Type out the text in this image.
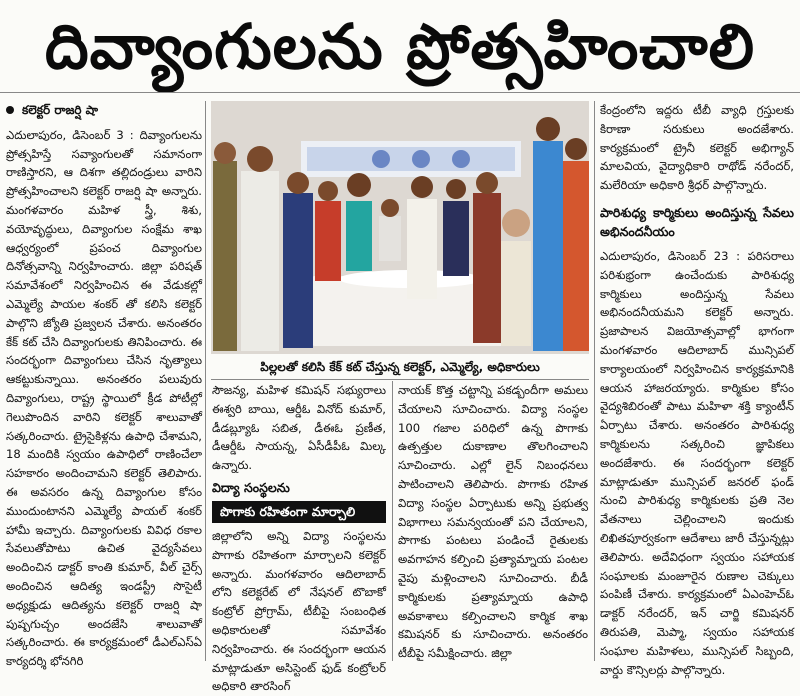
దివ్యాంగులను ప్రోత్సహించాలి
కలెక్టర్ రాజర్షి షా

ఎదులాపురం, డిసెంబర్ 3 : దివ్యాంగులను ప్రోత్సహిస్తే సవ్యాంగులతో సమానంగా రాణిస్తారని, ఆ దిశగా తల్లిదండ్రులు వారిని ప్రోత్సహించాలని కలెక్టర్ రాజర్షి షా అన్నారు. మంగళవారం మహిళ స్త్రీ, శిశు, వయోవృద్ధులు, దివ్యాంగుల సంక్షేమ శాఖ ఆధ్వర్యంలో ప్రపంచ దివ్యాంగుల దినోత్సవాన్ని నిర్వహించారు. జిల్లా పరిషత్ సమావేశంలో నిర్వహించిన ఈ వేడుకల్లో ఎమ్మెల్యే పాయల శంకర్ తో కలిసి కలెక్టర్ పాల్గొని జ్యోతి ప్రజ్వలన చేశారు. అనంతరం కేక్ కట్ చేసి దివ్యాంగులకు తినిపించారు. ఈ సందర్భంగా దివ్యాంగులు చేసిన నృత్యాలు ఆకట్టుకున్నాయి. అనంతరం పలువురు దివ్యాంగులు, రాష్ట్ర స్థాయిలో క్రీడ పోటీల్లో గెలుపొందిన వారిని కలెక్టర్ శాలువాతో సత్కరించారు. ట్రైసైకిళ్లను ఉపాధి చేశామని, 18 మందికి స్వయం ఉపాధిలో రాణించేలా సహకారం అందించామని కలెక్టర్ తెలిపారు. ఈ అవసరం ఉన్న దివ్యాంగుల కోసం ముందుంటానని ఎమ్మెల్యే పాయల్ శంకర్ హామీ ఇచ్చారు. దివ్యాంగులకు వివిధ రకాల సేవలుతోపాటు ఉచిత వైద్యసేవలు అందించిన డాక్టర్ కాంతి కుమార్, వీల్ చైర్స్ అందించిన ఆదిత్య ఇండస్ట్రీ సొసైటీ అధ్యక్షుడు ఆదిత్యను కలెక్టర్ రాజర్షి షా పుష్పగుచ్చం అందజేసి శాలువాతో సత్కరించారు. ఈ కార్యక్రమంలో డీఎల్ఎస్ఏ కార్యదర్శి భోనగిరి

పిల్లలతో కలిసి కేక్ కట్ చేస్తున్న కలెక్టర్, ఎమ్మెల్యే, అధికారులు

సౌజన్య, మహిళ కమిషన్ సభ్యురాలు ఈశ్వరి బాయి, ఆర్డీఓ వినోద్ కుమార్, డీడబ్ల్యూఓ సబిత, డీఈఓ ప్రణీత, డీఆర్డీఓ సాయన్న, ఏసీడీపీఓ మిల్క ఉన్నారు.

విద్యా సంస్థలను
పొగాకు రహితంగా మార్చాలి

జిల్లాలోని అన్ని విద్యా సంస్థలను పొగాకు రహితంగా మార్చాలని కలెక్టర్ అన్నారు. మంగళవారం ఆదిలాబాద్ లోని కలెక్టరేట్ లో నేషనల్ టొబాకో కంట్రోల్ ప్రోగ్రామ్, టీబీపై సంబంధిత అధికారులతో సమావేశం నిర్వహించారు. ఈ సందర్భంగా ఆయన మాట్లాడుతూ అసిస్టెంట్ ఫుడ్ కంట్రోలర్ అధికారి తారసింగ్

నాయక్ కొత్త చట్టాన్ని పకడ్బందీగా అమలు చేయాలని సూచించారు. విద్యా సంస్థల 100 గజాల పరిధిలో ఉన్న పొగాకు ఉత్పత్తుల దుకాణాల తొలగించాలని సూచించారు. ఎల్లో లైన్ నిబంధనలు పాటించాలని తెలిపారు. పొగాకు రహిత విద్యా సంస్థల ఏర్పాటుకు అన్ని ప్రభుత్వ విభాగాలు సమన్వయంతో పని చేయాలని, పొగాకు పంటలు పండించే రైతులకు అవగాహన కల్పించి ప్రత్యామ్నాయ పంటల వైపు మళ్లించాలని సూచించారు. బీడీ కార్మికులకు ప్రత్యామ్నాయ ఉపాధి అవకాశాలు కల్పించాలని కార్మిక శాఖ కమిషనర్ కు సూచించారు. అనంతరం టీబీపై సమీక్షించారు. జిల్లా

కేంద్రంలోని ఇద్దరు టీబీ వ్యాధి గ్రస్తులకు కిరాణా సరుకులు అందజేశారు. కార్యక్రమంలో ట్రైనీ కలెక్టర్ అభిగ్యాన్ మాలవియ, వైద్యాధికారి రాథోడ్ నరేందర్, మలేరియా అధికారి శ్రీధర్ పాల్గొన్నారు.

పారిశుధ్య కార్మికులు అందిస్తున్న సేవలు అభినందనీయం

ఎదులాపురం, డిసెంబర్ 23 : పరిసరాలు పరిశుభ్రంగా ఉంచేందుకు పారిశుధ్య కార్మికులు అందిస్తున్న సేవలు అభినందనీయమని కలెక్టర్ అన్నారు. ప్రజాపాలన విజయోత్సవాల్లో భాగంగా మంగళవారం ఆదిలాబాద్ మున్సిపల్ కార్యాలయంలో నిర్వహించిన కార్యక్రమానికి ఆయన హాజరయ్యారు. కార్మికుల కోసం వైద్యశిబిరంతో పాటు మహిళా శక్తి క్యాంటీన్ ఏర్పాటు చేశారు. అనంతరం పారిశుధ్య కార్మికులను సత్కరించి జ్ఞాపికలు అందజేశారు. ఈ సందర్భంగా కలెక్టర్ మాట్లాడుతూ మున్సిపల్ జనరల్ ఫండ్ నుంచి పారిశుధ్య కార్మికులకు ప్రతి నెల వేతనాలు చెల్లించాలని ఇందుకు లిఖితపూర్వకంగా ఆదేశాలు జారీ చేస్తున్నట్లు తెలిపారు. అదేవిధంగా స్వయం సహాయక సంఘాలకు మంజూరైన రుణాల చెక్కులు పంపిణీ చేశారు. కార్యక్రమంలో ఏఎంహెచ్ఓ డాక్టర్ నరేందర్, ఇన్ చార్జి కమిషనర్ తిరుపతి, మెప్మా, స్వయం సహాయక సంఘాల మహిళలు, మున్సిపల్ సిబ్బంది, వార్డు కౌన్సిలర్లు పాల్గొన్నారు.
